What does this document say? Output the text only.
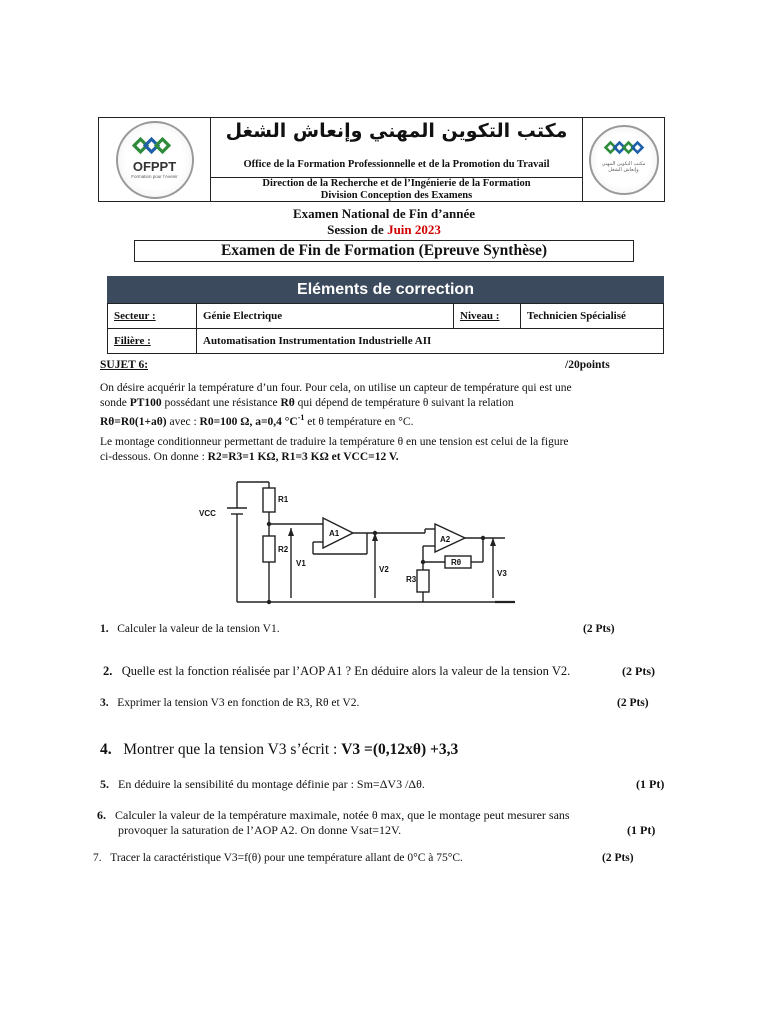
OFPPT
Formation pour l’Avenir
مكتب التكوين المهني وإنعاش الشغل
Office de la Formation Professionnelle et de la Promotion du Travail
Direction de la Recherche et de l’Ingénierie de la Formation
Division Conception des Examens
مكتب التكوين المهني وإنعاش الشغل
Examen National de Fin d’année
Session de Juin 2023
Examen de Fin de Formation (Epreuve Synthèse)
Eléments de correction
Secteur :	Génie Electrique	Niveau :	Technicien Spécialisé
Filière :	Automatisation Instrumentation Industrielle AII		
SUJET 6:	/20points
On désire acquérir la température d’un four. Pour cela, on utilise un capteur de température qui est une
sonde PT100 possédant une résistance Rθ qui dépend de température θ suivant la relation
Rθ=R0(1+aθ) avec : R0=100 Ω, a=0,4 $^\circ C^{-1}$ et θ température en °C.
Le montage conditionneur permettant de traduire la température θ en une tension est celui de la figure
ci-dessous. On donne : R2=R3=1 KΩ, R1=3 KΩ et VCC=12 V.
VCC
R1
R2
V1
A1
V2
A2
Rθ
R3
V3
1. Calculer la valeur de la tension V1.	(2 Pts)
2. Quelle est la fonction réalisée par l’AOP A1 ? En déduire alors la valeur de la tension V2.	(2 Pts)
3. Exprimer la tension V3 en fonction de R3, Rθ et V2.	(2 Pts)
4. Montrer que la tension V3 s’écrit : V3 =(0,12xθ) +3,3
5. En déduire la sensibilité du montage définie par : Sm=ΔV3 /Δθ.	(1 Pt)
6. Calculer la valeur de la température maximale, notée θ max, que le montage peut mesurer sans
provoquer la saturation de l’AOP A2. On donne Vsat=12V.	(1 Pt)
7. Tracer la caractéristique V3=f(θ) pour une température allant de 0°C à 75°C.	(2 Pts)
